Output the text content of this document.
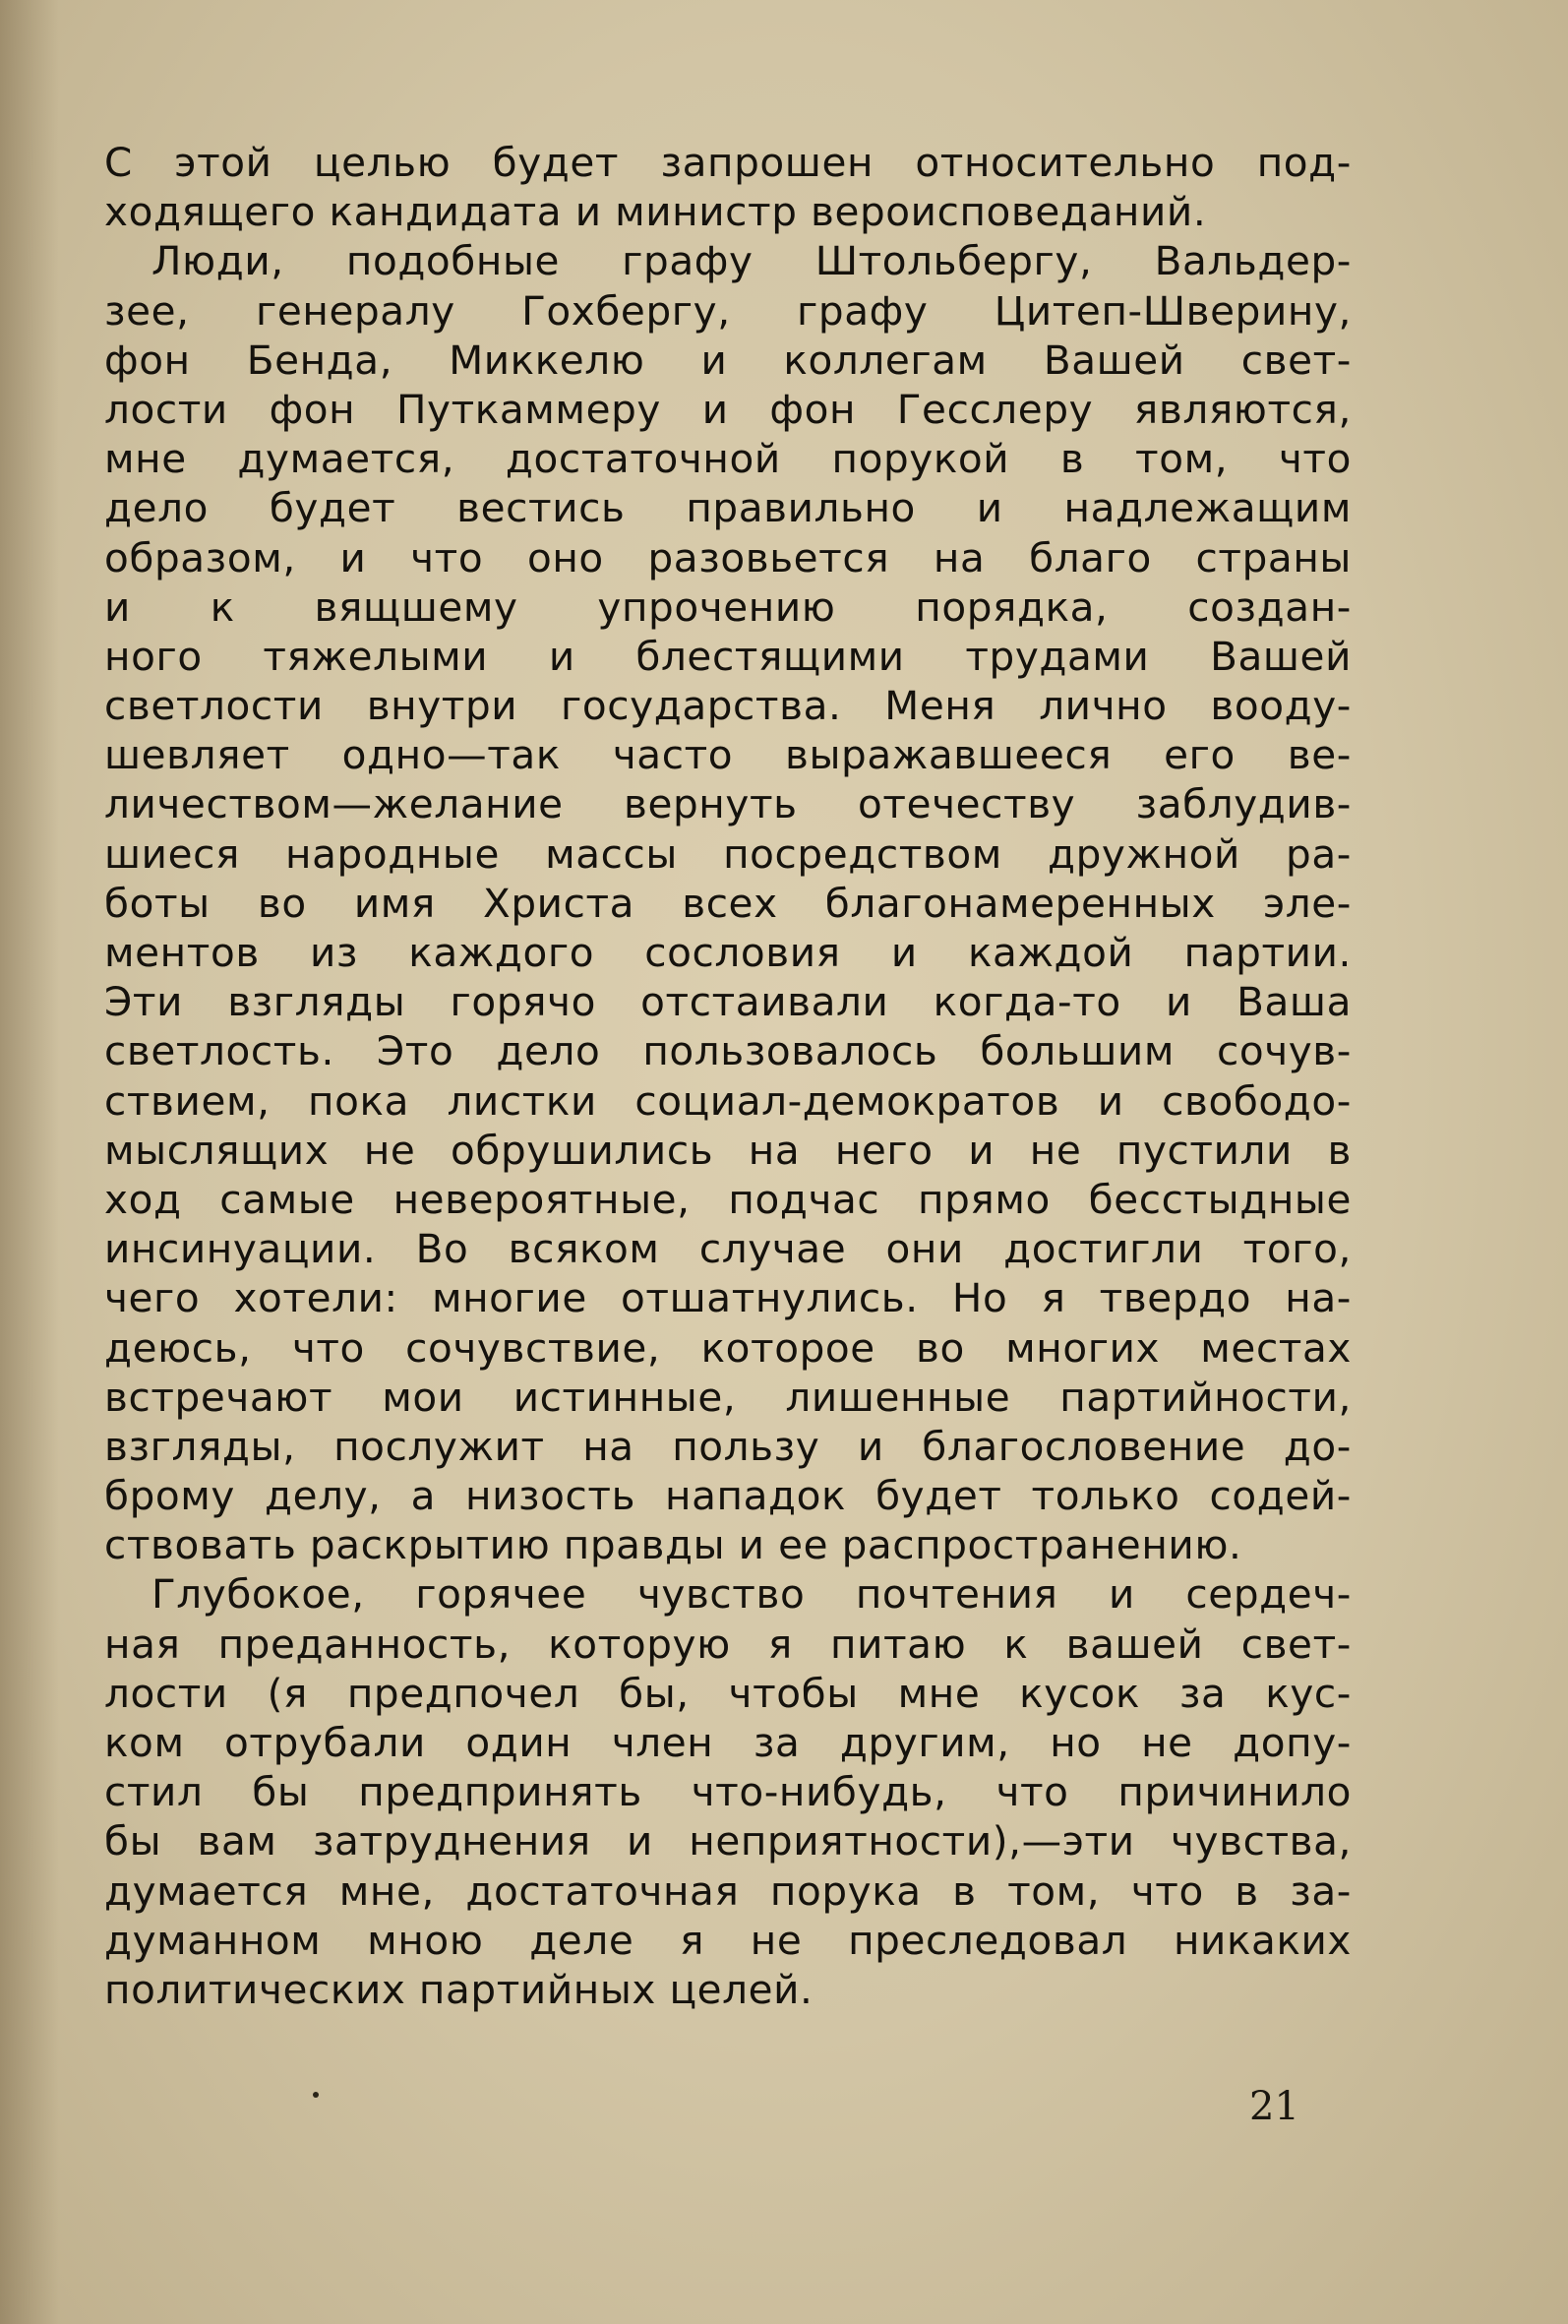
С этой целью будет запрошен относительно под-
ходящего кандидата и министр вероисповеданий.
Люди, подобные графу Штольбергу, Вальдер-
зее, генералу Гохбергу, графу Цитеп-Шверину,
фон Бенда, Миккелю и коллегам Вашей свет-
лости фон Путкаммеру и фон Гесслеру являются,
мне думается, достаточной порукой в том, что
дело будет вестись правильно и надлежащим
образом, и что оно разовьется на благо страны
и к вящшему упрочению порядка, создан-
ного тяжелыми и блестящими трудами Вашей
светлости внутри государства. Меня лично вооду-
шевляет одно—так часто выражавшееся его ве-
личеством—желание вернуть отечеству заблудив-
шиеся народные массы посредством дружной ра-
боты во имя Христа всех благонамеренных эле-
ментов из каждого сословия и каждой партии.
Эти взгляды горячо отстаивали когда-то и Ваша
светлость. Это дело пользовалось большим сочув-
ствием, пока листки социал-демократов и свободо-
мыслящих не обрушились на него и не пустили в
ход самые невероятные, подчас прямо бесстыдные
инсинуации. Во всяком случае они достигли того,
чего хотели: многие отшатнулись. Но я твердо на-
деюсь, что сочувствие, которое во многих местах
встречают мои истинные, лишенные партийности,
взгляды, послужит на пользу и благословение до-
брому делу, а низость нападок будет только содей-
ствовать раскрытию правды и ее распространению.
Глубокое, горячее чувство почтения и сердеч-
ная преданность, которую я питаю к вашей свет-
лости (я предпочел бы, чтобы мне кусок за кус-
ком отрубали один член за другим, но не допу-
стил бы предпринять что-нибудь, что причинило
бы вам затруднения и неприятности),—эти чувства,
думается мне, достаточная порука в том, что в за-
думанном мною деле я не преследовал никаких
политических партийных целей.
21
